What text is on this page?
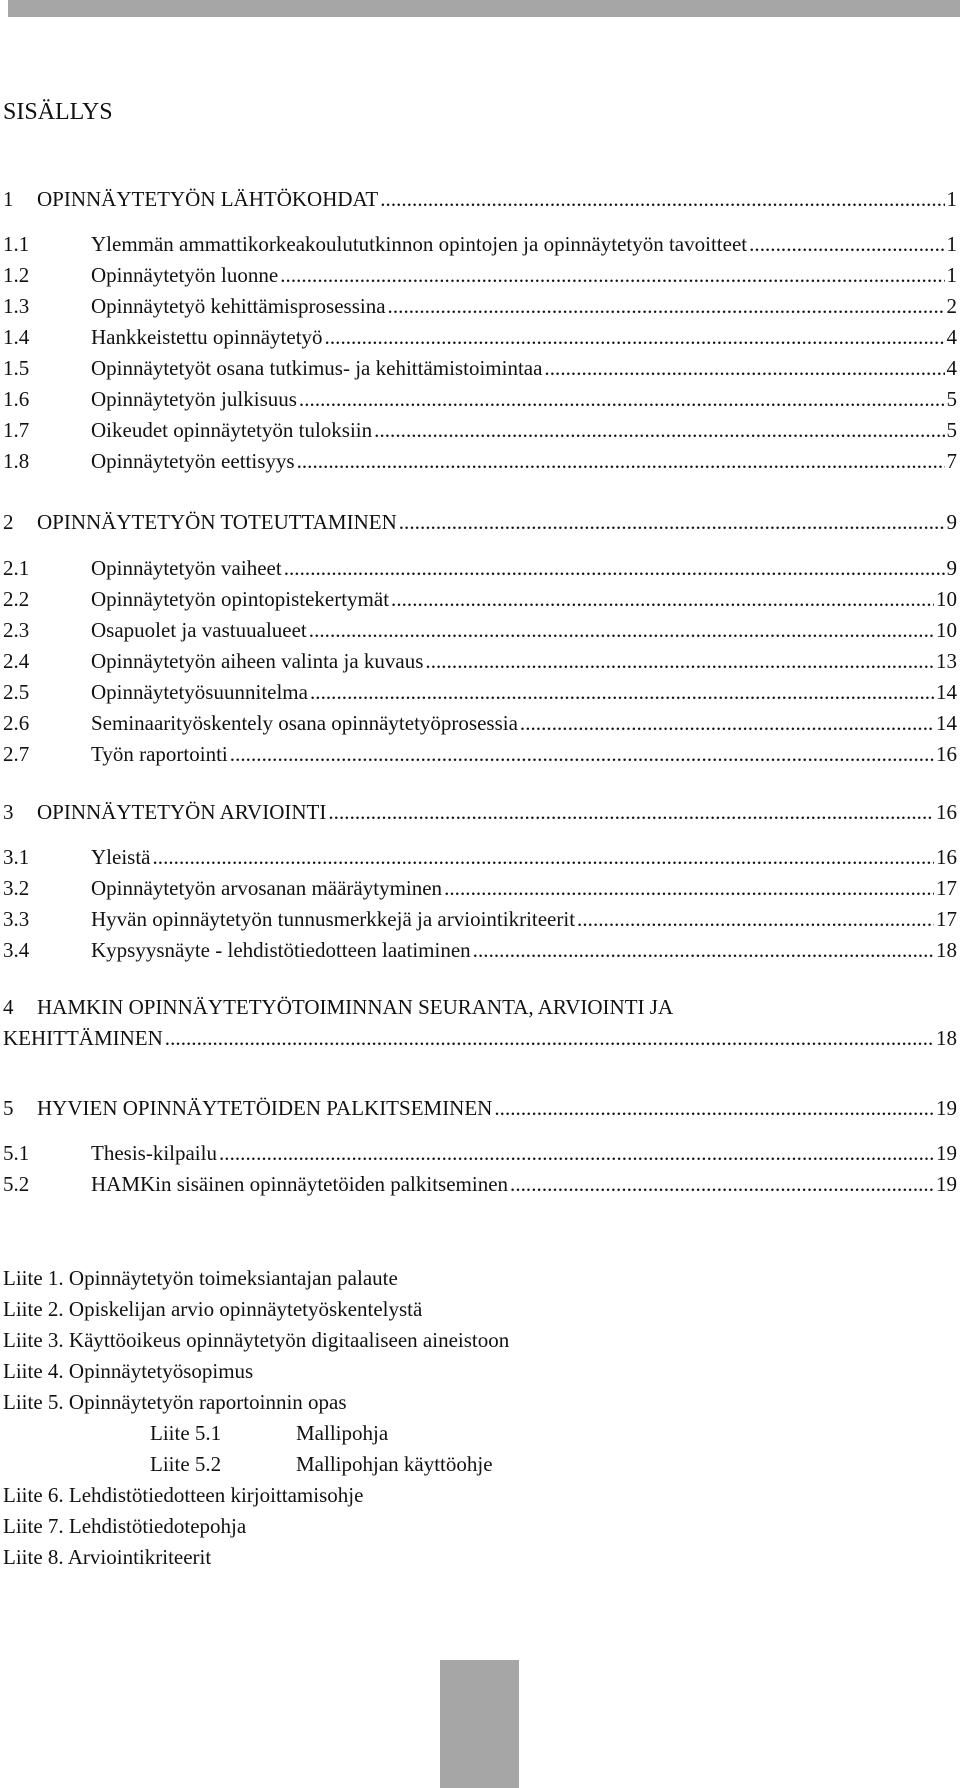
SISÄLLYS
1	OPINNÄYTETYÖN LÄHTÖKOHDAT . . .	1
1.1	Ylemmän ammattikorkeakoulututkinnon opintojen ja opinnäytetyön tavoitteet . . .	1
1.2	Opinnäytetyön luonne . . .	1
1.3	Opinnäytetyö kehittämisprosessina . . .	2
1.4	Hankkeistettu opinnäytetyö . . .	4
1.5	Opinnäytetyöt osana tutkimus- ja kehittämistoimintaa . . .	4
1.6	Opinnäytetyön julkisuus . . .	5
1.7	Oikeudet opinnäytetyön tuloksiin . . .	5
1.8	Opinnäytetyön eettisyys . . .	7
2	OPINNÄYTETYÖN TOTEUTTAMINEN . . .	9
2.1	Opinnäytetyön vaiheet . . .	9
2.2	Opinnäytetyön opintopistekertymät . . .	10
2.3	Osapuolet ja vastuualueet . . .	10
2.4	Opinnäytetyön aiheen valinta ja kuvaus . . .	13
2.5	Opinnäytetyösuunnitelma . . .	14
2.6	Seminaarityöskentely osana opinnäytetyöprosessia . . .	14
2.7	Työn raportointi . . .	16
3	OPINNÄYTETYÖN ARVIOINTI . . .	16
3.1	Yleistä . . .	16
3.2	Opinnäytetyön arvosanan määräytyminen . . .	17
3.3	Hyvän opinnäytetyön tunnusmerkkejä ja arviointikriteerit . . .	17
3.4	Kypsyysnäyte - lehdistötiedotteen laatiminen . . .	18
4 HAMKIN OPINNÄYTETYÖTOIMINNAN SEURANTA, ARVIOINTI JA
KEHITTÄMINEN . . .	18
5	HYVIEN OPINNÄYTETÖIDEN PALKITSEMINEN . . .	19
5.1	Thesis-kilpailu . . .	19
5.2	HAMKin sisäinen opinnäytetöiden palkitseminen . . .	19
Liite 1. Opinnäytetyön toimeksiantajan palaute
Liite 2. Opiskelijan arvio opinnäytetyöskentelystä
Liite 3. Käyttöoikeus opinnäytetyön digitaaliseen aineistoon
Liite 4. Opinnäytetyösopimus
Liite 5. Opinnäytetyön raportoinnin opas
Liite 5.1	Mallipohja
Liite 5.2	Mallipohjan käyttöohje
Liite 6. Lehdistötiedotteen kirjoittamisohje
Liite 7. Lehdistötiedotepohja
Liite 8. Arviointikriteerit
